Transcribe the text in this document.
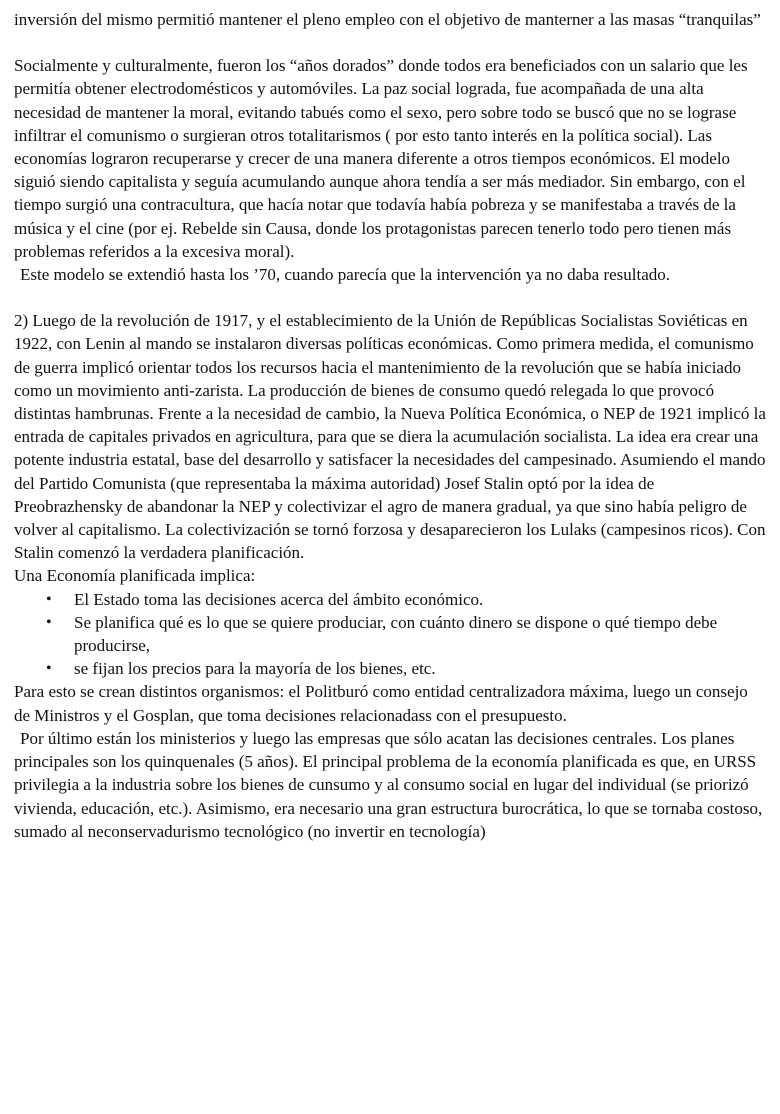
inversión del mismo permitió mantener el pleno empleo con el objetivo de manterner a las masas “tranquilas”

Socialmente y culturalmente, fueron los “años dorados” donde todos era beneficiados con un salario que les permitía obtener electrodomésticos y automóviles. La paz social lograda, fue acompañada de una alta necesidad de mantener la moral, evitando tabués como el sexo, pero sobre todo se buscó que no se lograse infiltrar el comunismo o surgieran otros totalitarismos ( por esto tanto interés en la política social). Las economías lograron recuperarse y crecer de una manera diferente a otros tiempos económicos. El modelo siguió siendo capitalista y seguía acumulando aunque ahora tendía a ser más mediador. Sin embargo, con el tiempo surgió una contracultura, que hacía notar que todavía había pobreza y se manifestaba a través de la música y el cine (por ej. Rebelde sin Causa, donde los protagonistas parecen tenerlo todo pero tienen más problemas referidos a la excesiva moral).

Este modelo se extendió hasta los ’70, cuando parecía que la intervención ya no daba resultado.

2) Luego de la revolución de 1917, y el establecimiento de la Unión de Repúblicas Socialistas Soviéticas en 1922, con Lenin al mando se instalaron diversas políticas económicas. Como primera medida, el comunismo de guerra implicó orientar todos los recursos hacia el mantenimiento de la revolución que se había iniciado como un movimiento anti-zarista. La producción de bienes de consumo quedó relegada lo que provocó distintas hambrunas. Frente a la necesidad de cambio, la Nueva Política Económica, o NEP de 1921 implicó la entrada de capitales privados en agricultura, para que se diera la acumulación socialista. La idea era crear una potente industria estatal, base del desarrollo y satisfacer la necesidades del campesinado. Asumiendo el mando del Partido Comunista (que representaba la máxima autoridad) Josef Stalin optó por la idea de Preobrazhensky de abandonar la NEP y colectivizar el agro de manera gradual, ya que sino había peligro de volver al capitalismo. La colectivización se tornó forzosa y desaparecieron los Lulaks (campesinos ricos). Con Stalin comenzó la verdadera planificación.

Una Economía planificada implica:

• El Estado toma las decisiones acerca del ámbito económico.
• Se planifica qué es lo que se quiere produciar, con cuánto dinero se dispone o qué tiempo debe producirse,
• se fijan los precios para la mayoría de los bienes, etc.

Para esto se crean distintos organismos: el Politburó como entidad centralizadora máxima, luego un consejo de Ministros y el Gosplan, que toma decisiones relacionadass con el presupuesto.

Por último están los ministerios y luego las empresas que sólo acatan las decisiones centrales. Los planes principales son los quinquenales (5 años). El principal problema de la economía planificada es que, en URSS privilegia a la industria sobre los bienes de cunsumo y al consumo social en lugar del individual (se priorizó vivienda, educación, etc.). Asimismo, era necesario una gran estructura burocrática, lo que se tornaba costoso, sumado al neconservadurismo tecnológico (no invertir en tecnología)
